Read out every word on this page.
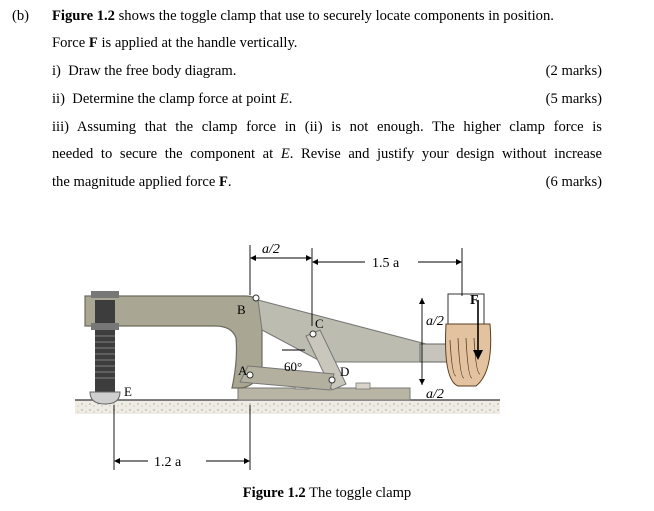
(b) Figure 1.2 shows the toggle clamp that use to securely locate components in position.
Force F is applied at the handle vertically.
i) Draw the free body diagram.	(2 marks)
ii) Determine the clamp force at point E.	(5 marks)
iii) Assuming that the clamp force in (ii) is not enough. The higher clamp force is
needed to secure the component at E. Revise and justify your design without increase
the magnitude applied force F.	(6 marks)
a/2
1.5 a
a/2
a/2
1.2 a
B
C
A	D
E
F
60°
Figure 1.2 The toggle clamp
